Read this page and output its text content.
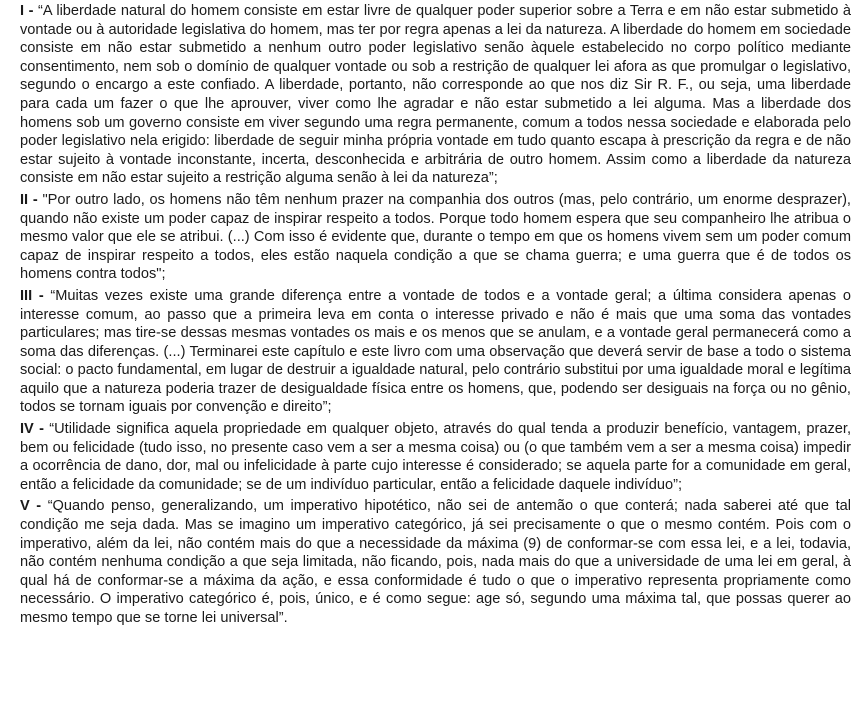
I - “A liberdade natural do homem consiste em estar livre de qualquer poder superior sobre a Terra e em não estar submetido à vontade ou à autoridade legislativa do homem, mas ter por regra apenas a lei da natureza. A liberdade do homem em sociedade consiste em não estar submetido a nenhum outro poder legislativo senão àquele estabelecido no corpo político mediante consentimento, nem sob o domínio de qualquer vontade ou sob a restrição de qualquer lei afora as que promulgar o legislativo, segundo o encargo a este confiado. A liberdade, portanto, não corresponde ao que nos diz Sir R. F., ou seja, uma liberdade para cada um fazer o que lhe aprouver, viver como lhe agradar e não estar submetido a lei alguma. Mas a liberdade dos homens sob um governo consiste em viver segundo uma regra permanente, comum a todos nessa sociedade e elaborada pelo poder legislativo nela erigido: liberdade de seguir minha própria vontade em tudo quanto escapa à prescrição da regra e de não estar sujeito à vontade inconstante, incerta, desconhecida e arbitrária de outro homem. Assim como a liberdade da natureza consiste em não estar sujeito a restrição alguma senão à lei da natureza”;

II - "Por outro lado, os homens não têm nenhum prazer na companhia dos outros (mas, pelo contrário, um enorme desprazer), quando não existe um poder capaz de inspirar respeito a todos. Porque todo homem espera que seu companheiro lhe atribua o mesmo valor que ele se atribui. (...) Com isso é evidente que, durante o tempo em que os homens vivem sem um poder comum capaz de inspirar respeito a todos, eles estão naquela condição a que se chama guerra; e uma guerra que é de todos os homens contra todos";

III - “Muitas vezes existe uma grande diferença entre a vontade de todos e a vontade geral; a última considera apenas o interesse comum, ao passo que a primeira leva em conta o interesse privado e não é mais que uma soma das vontades particulares; mas tire-se dessas mesmas vontades os mais e os menos que se anulam, e a vontade geral permanecerá como a soma das diferenças. (...) Terminarei este capítulo e este livro com uma observação que deverá servir de base a todo o sistema social: o pacto fundamental, em lugar de destruir a igualdade natural, pelo contrário substitui por uma igualdade moral e legítima aquilo que a natureza poderia trazer de desigualdade física entre os homens, que, podendo ser desiguais na força ou no gênio, todos se tornam iguais por convenção e direito”;

IV - “Utilidade significa aquela propriedade em qualquer objeto, através do qual tenda a produzir benefício, vantagem, prazer, bem ou felicidade (tudo isso, no presente caso vem a ser a mesma coisa) ou (o que também vem a ser a mesma coisa) impedir a ocorrência de dano, dor, mal ou infelicidade à parte cujo interesse é considerado; se aquela parte for a comunidade em geral, então a felicidade da comunidade; se de um indivíduo particular, então a felicidade daquele indivíduo”;

V - “Quando penso, generalizando, um imperativo hipotético, não sei de antemão o que conterá; nada saberei até que tal condição me seja dada. Mas se imagino um imperativo categórico, já sei precisamente o que o mesmo contém. Pois com o imperativo, além da lei, não contém mais do que a necessidade da máxima (9) de conformar-se com essa lei, e a lei, todavia, não contém nenhuma condição a que seja limitada, não ficando, pois, nada mais do que a universidade de uma lei em geral, à qual há de conformar-se a máxima da ação, e essa conformidade é tudo o que o imperativo representa propriamente como necessário. O imperativo categórico é, pois, único, e é como segue: age só, segundo uma máxima tal, que possas querer ao mesmo tempo que se torne lei universal”.
